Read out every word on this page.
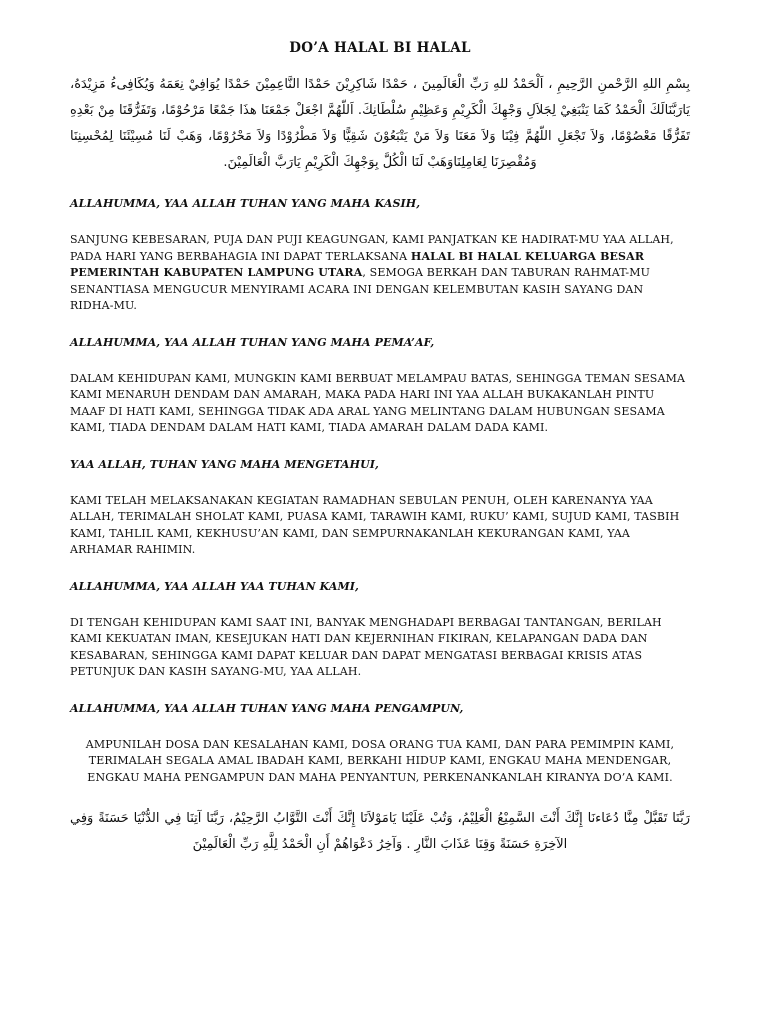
DO’A HALAL BI HALAL
بِسْمِ اللهِ الرَّحْمنِ الرَّحِيمِ ، اَلْحَمْدُ للهِ رَبِّ الْعَالَمِينَ ، حَمْدًا شَاكِرِيْنَ حَمْدًا النَّاعِمِيْنَ حَمْدًا يُوَافِيْ نِعَمَهُ وَيُكَافِىءُ مَزِيْدَهُ، يَارَبَّنَالَكَ الْحَمْدُ كَمَا يَنْبَغِيْ لِجَلاَلِ وَجْهِكَ الْكَرِيْمِ وَعَظِيْمِ سُلْطَانِكَ. اَللّهُمَّ اجْعَلْ جَمْعَنَا هذَا جَمْعًا مَرْحُوْمًا، وَتَفَرُّقَنَا مِنْ بَعْدِهِ تَفَرُّقًا مَعْصُوْمًا، وَلاَ تَجْعَلِ اللّهُمَّ فِيْنَا وَلاَ مَعَنَا وَلاَ مَنْ يَتْبَعُوْنَ شَقِيًّا وَلاَ مَطْرُوْدًا وَلاَ مَحْرُوْمًا، وَهَبْ لَنَا مُسِيْئَنَا لِمُحْسِنِنَا وَمُقْصِرَنَا لِعَامِلِنَاوَهَبْ لَنَا الْكُلَّ بِوَجْهِكَ الْكَرِيْمِ يَارَبَّ الْعَالَمِيْنَ.
ALLAHUMMA, YAA ALLAH TUHAN YANG MAHA KASIH,
SANJUNG KEBESARAN, PUJA DAN PUJI KEAGUNGAN, KAMI PANJATKAN KE HADIRAT-MU YAA ALLAH, PADA HARI YANG BERBAHAGIA INI DAPAT TERLAKSANA HALAL BI HALAL KELUARGA BESAR PEMERINTAH KABUPATEN LAMPUNG UTARA, SEMOGA BERKAH DAN TABURAN RAHMAT-MU SENANTIASA MENGUCUR MENYIRAMI ACARA INI DENGAN KELEMBUTAN KASIH SAYANG DAN RIDHA-MU.
ALLAHUMMA, YAA ALLAH TUHAN YANG MAHA PEMA’AF,
DALAM KEHIDUPAN KAMI, MUNGKIN KAMI BERBUAT MELAMPAU BATAS, SEHINGGA TEMAN SESAMA KAMI MENARUH DENDAM DAN AMARAH, MAKA PADA HARI INI YAA ALLAH BUKAKANLAH PINTU MAAF DI HATI KAMI, SEHINGGA TIDAK ADA ARAL YANG MELINTANG DALAM HUBUNGAN SESAMA KAMI, TIADA DENDAM DALAM HATI KAMI, TIADA AMARAH DALAM DADA KAMI.
YAA ALLAH, TUHAN YANG MAHA MENGETAHUI,
KAMI TELAH MELAKSANAKAN KEGIATAN RAMADHAN SEBULAN PENUH, OLEH KARENANYA YAA ALLAH, TERIMALAH SHOLAT KAMI, PUASA KAMI, TARAWIH KAMI, RUKU’ KAMI, SUJUD KAMI, TASBIH KAMI, TAHLIL KAMI, KEKHUSU’AN KAMI, DAN SEMPURNAKANLAH KEKURANGAN KAMI, YAA ARHAMAR RAHIMIN.
ALLAHUMMA, YAA ALLAH YAA TUHAN KAMI,
DI TENGAH KEHIDUPAN KAMI SAAT INI, BANYAK MENGHADAPI BERBAGAI TANTANGAN, BERILAH KAMI KEKUATAN IMAN, KESEJUKAN HATI DAN KEJERNIHAN FIKIRAN, KELAPANGAN DADA DAN KESABARAN, SEHINGGA KAMI DAPAT KELUAR DAN DAPAT MENGATASI BERBAGAI KRISIS ATAS PETUNJUK DAN KASIH SAYANG-MU, YAA ALLAH.
ALLAHUMMA, YAA ALLAH TUHAN YANG MAHA PENGAMPUN,
AMPUNILAH DOSA DAN KESALAHAN KAMI, DOSA ORANG TUA KAMI, DAN PARA PEMIMPIN KAMI, TERIMALAH SEGALA AMAL IBADAH KAMI, BERKAHI HIDUP KAMI, ENGKAU MAHA MENDENGAR, ENGKAU MAHA PENGAMPUN DAN MAHA PENYANTUN, PERKENANKANLAH KIRANYA DO’A KAMI.
رَبَّنَا تَقَبَّلْ مِنَّا دُعَاءنَا إِنَّكَ أَنْتَ السَّمِيْعُ الْعَلِيْمُ، وَتُبْ عَلَيْنَا يَامَوْلاَنَا إِنَّكَ أَنْتَ التَّوَّابُ الرَّحِيْمُ، رَبَّنَا آتِنَا فِي الدُّنْيَا حَسَنَةً وَفِي الآخِرَةِ حَسَنَةً وَقِنَا عَذَابَ النَّارِ . وَآخِرُ دَعْوَاهُمْ أَنِ الْحَمْدُ لِلَّهِ رَبِّ الْعَالَمِيْنَ
